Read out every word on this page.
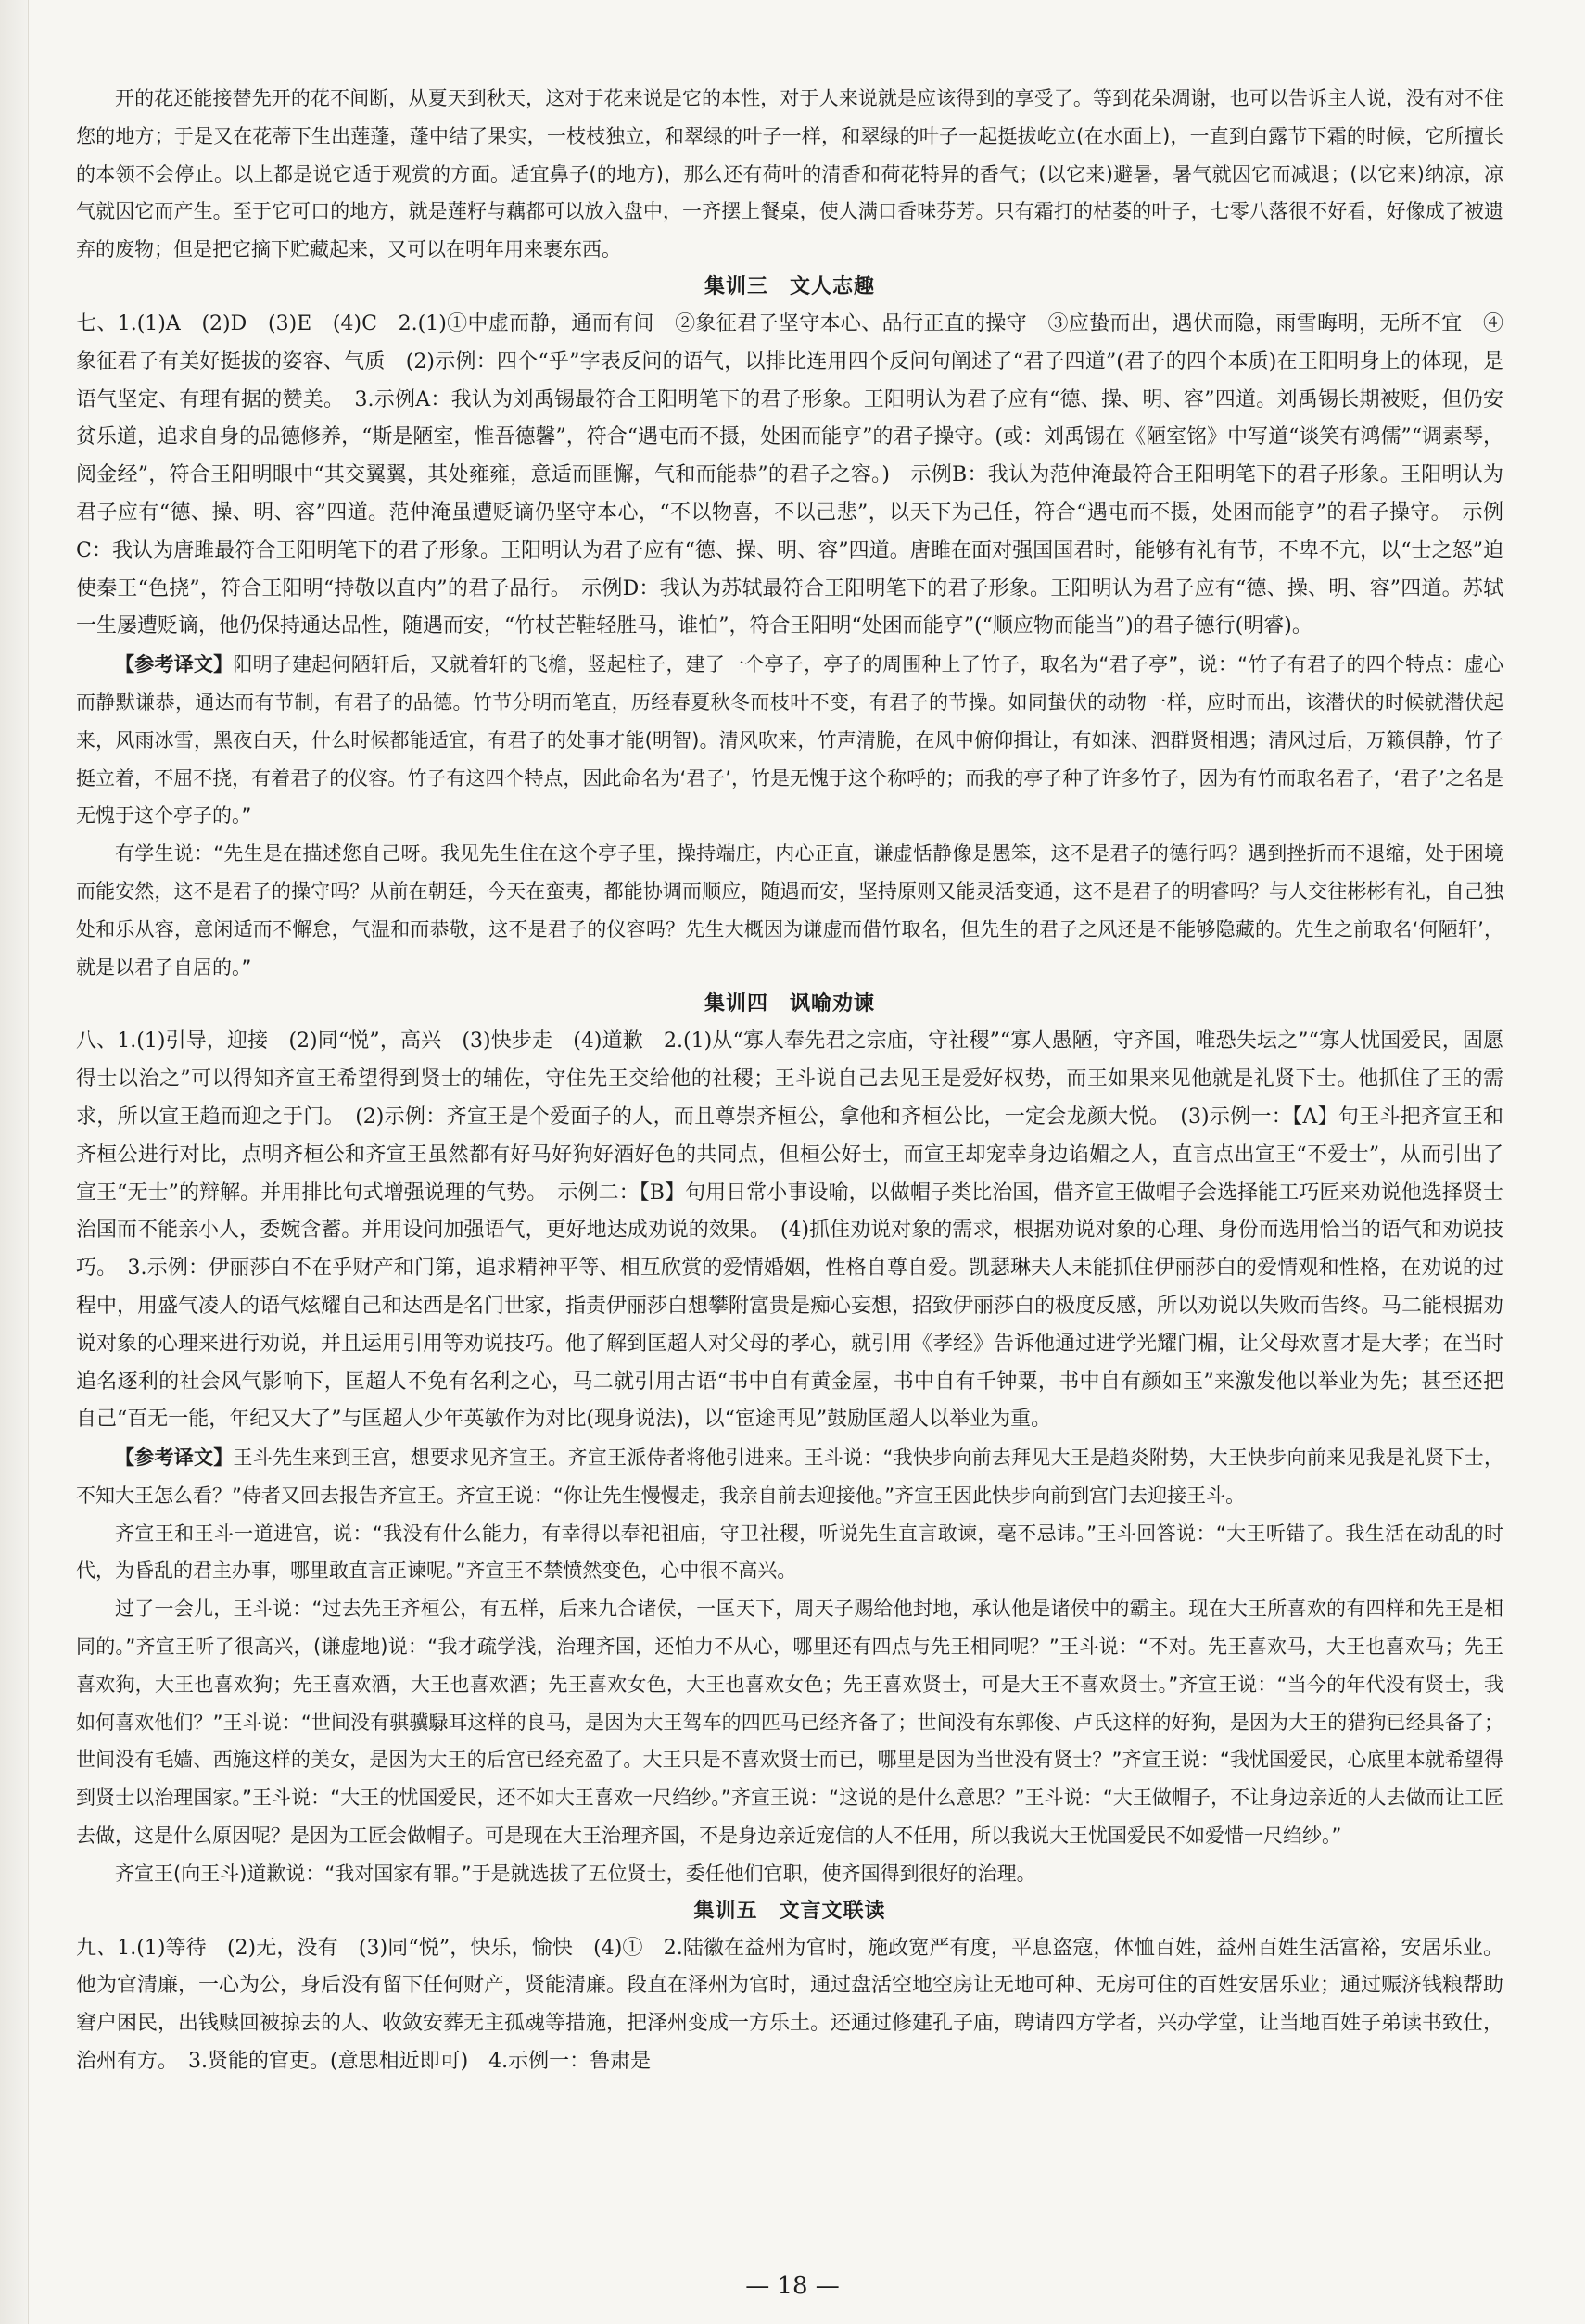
开的花还能接替先开的花不间断，从夏天到秋天，这对于花来说是它的本性，对于人来说就是应该得到的享受了。等到花朵凋谢，也可以告诉主人说，没有对不住您的地方；于是又在花蒂下生出莲蓬，蓬中结了果实，一枝枝独立，和翠绿的叶子一样，和翠绿的叶子一起挺拔屹立(在水面上)，一直到白露节下霜的时候，它所擅长的本领不会停止。以上都是说它适于观赏的方面。适宜鼻子(的地方)，那么还有荷叶的清香和荷花特异的香气；(以它来)避暑，暑气就因它而减退；(以它来)纳凉，凉气就因它而产生。至于它可口的地方，就是莲籽与藕都可以放入盘中，一齐摆上餐桌，使人满口香味芬芳。只有霜打的枯萎的叶子，七零八落很不好看，好像成了被遗弃的废物；但是把它摘下贮藏起来，又可以在明年用来裹东西。

集训三　文人志趣

七、1.(1)A　(2)D　(3)E　(4)C　2.(1)①中虚而静，通而有间　②象征君子坚守本心、品行正直的操守　③应蛰而出，遇伏而隐，雨雪晦明，无所不宜　④象征君子有美好挺拔的姿容、气质　(2)示例：四个“乎”字表反问的语气，以排比连用四个反问句阐述了“君子四道”(君子的四个本质)在王阳明身上的体现，是语气坚定、有理有据的赞美。　3.示例A：我认为刘禹锡最符合王阳明笔下的君子形象。王阳明认为君子应有“德、操、明、容”四道。刘禹锡长期被贬，但仍安贫乐道，追求自身的品德修养，“斯是陋室，惟吾德馨”，符合“遇屯而不摄，处困而能亨”的君子操守。(或：刘禹锡在《陋室铭》中写道“谈笑有鸿儒”“调素琴，阅金经”，符合王阳明眼中“其交翼翼，其处雍雍，意适而匪懈，气和而能恭”的君子之容。)　示例B：我认为范仲淹最符合王阳明笔下的君子形象。王阳明认为君子应有“德、操、明、容”四道。范仲淹虽遭贬谪仍坚守本心，“不以物喜，不以己悲”，以天下为己任，符合“遇屯而不摄，处困而能亨”的君子操守。　示例C：我认为唐雎最符合王阳明笔下的君子形象。王阳明认为君子应有“德、操、明、容”四道。唐雎在面对强国国君时，能够有礼有节，不卑不亢，以“士之怒”迫使秦王“色挠”，符合王阳明“持敬以直内”的君子品行。　示例D：我认为苏轼最符合王阳明笔下的君子形象。王阳明认为君子应有“德、操、明、容”四道。苏轼一生屡遭贬谪，他仍保持通达品性，随遇而安，“竹杖芒鞋轻胜马，谁怕”，符合王阳明“处困而能亨”(“顺应物而能当”)的君子德行(明睿)。

【参考译文】阳明子建起何陋轩后，又就着轩的飞檐，竖起柱子，建了一个亭子，亭子的周围种上了竹子，取名为“君子亭”，说：“竹子有君子的四个特点：虚心而静默谦恭，通达而有节制，有君子的品德。竹节分明而笔直，历经春夏秋冬而枝叶不变，有君子的节操。如同蛰伏的动物一样，应时而出，该潜伏的时候就潜伏起来，风雨冰雪，黑夜白天，什么时候都能适宜，有君子的处事才能(明智)。清风吹来，竹声清脆，在风中俯仰揖让，有如涞、泗群贤相遇；清风过后，万籁俱静，竹子挺立着，不屈不挠，有着君子的仪容。竹子有这四个特点，因此命名为‘君子’，竹是无愧于这个称呼的；而我的亭子种了许多竹子，因为有竹而取名君子，‘君子’之名是无愧于这个亭子的。”

有学生说：“先生是在描述您自己呀。我见先生住在这个亭子里，操持端庄，内心正直，谦虚恬静像是愚笨，这不是君子的德行吗？遇到挫折而不退缩，处于困境而能安然，这不是君子的操守吗？从前在朝廷，今天在蛮夷，都能协调而顺应，随遇而安，坚持原则又能灵活变通，这不是君子的明睿吗？与人交往彬彬有礼，自己独处和乐从容，意闲适而不懈怠，气温和而恭敬，这不是君子的仪容吗？先生大概因为谦虚而借竹取名，但先生的君子之风还是不能够隐藏的。先生之前取名‘何陋轩’，就是以君子自居的。”

集训四　讽喻劝谏

八、1.(1)引导，迎接　(2)同“悦”，高兴　(3)快步走　(4)道歉　2.(1)从“寡人奉先君之宗庙，守社稷”“寡人愚陋，守齐国，唯恐失坛之”“寡人忧国爱民，固愿得士以治之”可以得知齐宣王希望得到贤士的辅佐，守住先王交给他的社稷；王斗说自己去见王是爱好权势，而王如果来见他就是礼贤下士。他抓住了王的需求，所以宣王趋而迎之于门。　(2)示例：齐宣王是个爱面子的人，而且尊崇齐桓公，拿他和齐桓公比，一定会龙颜大悦。　(3)示例一：【A】句王斗把齐宣王和齐桓公进行对比，点明齐桓公和齐宣王虽然都有好马好狗好酒好色的共同点，但桓公好士，而宣王却宠幸身边谄媚之人，直言点出宣王“不爱士”，从而引出了宣王“无士”的辩解。并用排比句式增强说理的气势。　示例二：【B】句用日常小事设喻，以做帽子类比治国，借齐宣王做帽子会选择能工巧匠来劝说他选择贤士治国而不能亲小人，委婉含蓄。并用设问加强语气，更好地达成劝说的效果。　(4)抓住劝说对象的需求，根据劝说对象的心理、身份而选用恰当的语气和劝说技巧。　3.示例：伊丽莎白不在乎财产和门第，追求精神平等、相互欣赏的爱情婚姻，性格自尊自爱。凯瑟琳夫人未能抓住伊丽莎白的爱情观和性格，在劝说的过程中，用盛气凌人的语气炫耀自己和达西是名门世家，指责伊丽莎白想攀附富贵是痴心妄想，招致伊丽莎白的极度反感，所以劝说以失败而告终。马二能根据劝说对象的心理来进行劝说，并且运用引用等劝说技巧。他了解到匡超人对父母的孝心，就引用《孝经》告诉他通过进学光耀门楣，让父母欢喜才是大孝；在当时追名逐利的社会风气影响下，匡超人不免有名利之心，马二就引用古语“书中自有黄金屋，书中自有千钟粟，书中自有颜如玉”来激发他以举业为先；甚至还把自己“百无一能，年纪又大了”与匡超人少年英敏作为对比(现身说法)，以“宦途再见”鼓励匡超人以举业为重。

【参考译文】王斗先生来到王宫，想要求见齐宣王。齐宣王派侍者将他引进来。王斗说：“我快步向前去拜见大王是趋炎附势，大王快步向前来见我是礼贤下士，不知大王怎么看？”侍者又回去报告齐宣王。齐宣王说：“你让先生慢慢走，我亲自前去迎接他。”齐宣王因此快步向前到宫门去迎接王斗。

齐宣王和王斗一道进宫，说：“我没有什么能力，有幸得以奉祀祖庙，守卫社稷，听说先生直言敢谏，毫不忌讳。”王斗回答说：“大王听错了。我生活在动乱的时代，为昏乱的君主办事，哪里敢直言正谏呢。”齐宣王不禁愤然变色，心中很不高兴。

过了一会儿，王斗说：“过去先王齐桓公，有五样，后来九合诸侯，一匡天下，周天子赐给他封地，承认他是诸侯中的霸主。现在大王所喜欢的有四样和先王是相同的。”齐宣王听了很高兴，(谦虚地)说：“我才疏学浅，治理齐国，还怕力不从心，哪里还有四点与先王相同呢？”王斗说：“不对。先王喜欢马，大王也喜欢马；先王喜欢狗，大王也喜欢狗；先王喜欢酒，大王也喜欢酒；先王喜欢女色，大王也喜欢女色；先王喜欢贤士，可是大王不喜欢贤士。”齐宣王说：“当今的年代没有贤士，我如何喜欢他们？”王斗说：“世间没有骐骥騄耳这样的良马，是因为大王驾车的四匹马已经齐备了；世间没有东郭俊、卢氏这样的好狗，是因为大王的猎狗已经具备了；世间没有毛嫱、西施这样的美女，是因为大王的后宫已经充盈了。大王只是不喜欢贤士而已，哪里是因为当世没有贤士？”齐宣王说：“我忧国爱民，心底里本就希望得到贤士以治理国家。”王斗说：“大王的忧国爱民，还不如大王喜欢一尺绉纱。”齐宣王说：“这说的是什么意思？”王斗说：“大王做帽子，不让身边亲近的人去做而让工匠去做，这是什么原因呢？是因为工匠会做帽子。可是现在大王治理齐国，不是身边亲近宠信的人不任用，所以我说大王忧国爱民不如爱惜一尺绉纱。”

齐宣王(向王斗)道歉说：“我对国家有罪。”于是就选拔了五位贤士，委任他们官职，使齐国得到很好的治理。

集训五　文言文联读

九、1.(1)等待　(2)无，没有　(3)同“悦”，快乐，愉快　(4)①　2.陆徽在益州为官时，施政宽严有度，平息盗寇，体恤百姓，益州百姓生活富裕，安居乐业。他为官清廉，一心为公，身后没有留下任何财产，贤能清廉。段直在泽州为官时，通过盘活空地空房让无地可种、无房可住的百姓安居乐业；通过赈济钱粮帮助窘户困民，出钱赎回被掠去的人、收敛安葬无主孤魂等措施，把泽州变成一方乐土。还通过修建孔子庙，聘请四方学者，兴办学堂，让当地百姓子弟读书致仕，治州有方。　3.贤能的官吏。(意思相近即可)　4.示例一：鲁肃是

— 18 —
